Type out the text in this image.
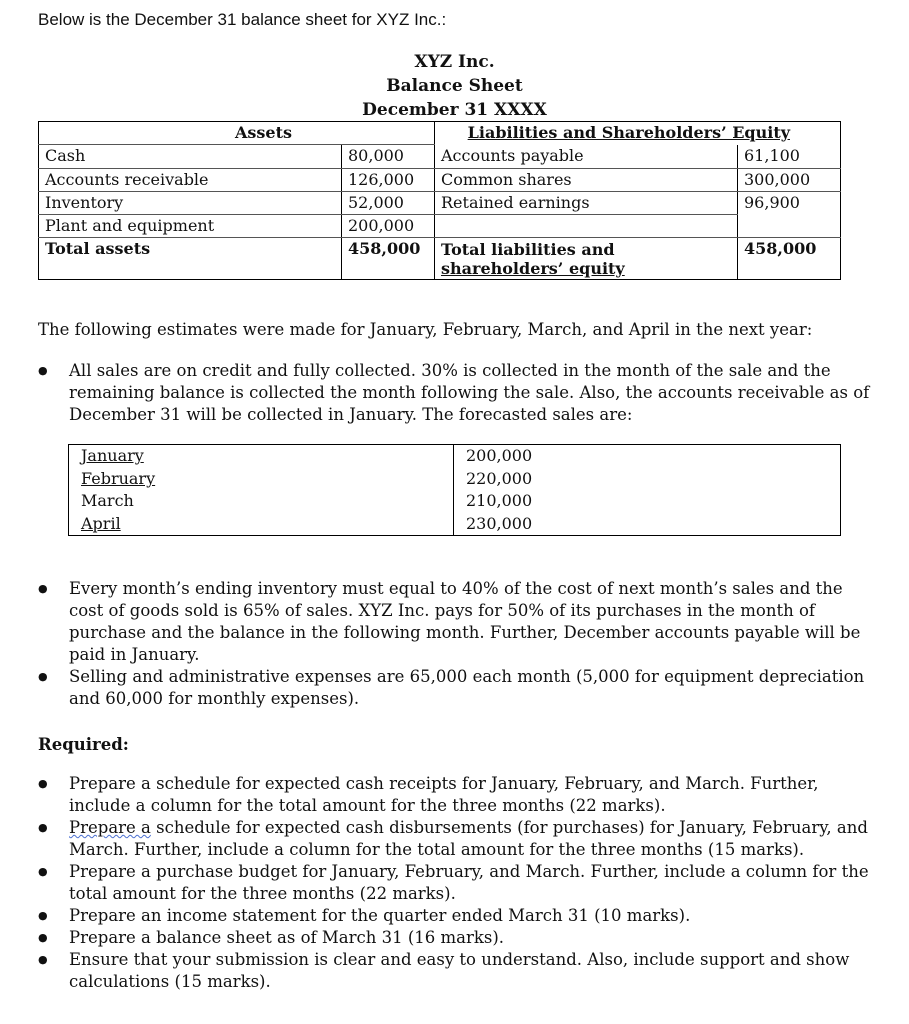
Below is the December 31 balance sheet for XYZ Inc.:
XYZ Inc.
Balance Sheet
December 31 XXXX
Assets		Liabilities and Shareholders’ Equity	
Cash	80,000	Accounts payable	61,100
Accounts receivable	126,000	Common shares	300,000
Inventory	52,000	Retained earnings	96,900
Plant and equipment	200,000		
Total assets	458,000	Total liabilities and
shareholders’ equity	458,000
The following estimates were made for January, February, March, and April in the next year:
● All sales are on credit and fully collected. 30% is collected in the month of the sale and the
remaining balance is collected the month following the sale. Also, the accounts receivable as of
December 31 will be collected in January. The forecasted sales are:
January	200,000
February	220,000
March	210,000
April	230,000
● Every month’s ending inventory must equal to 40% of the cost of next month’s sales and the
cost of goods sold is 65% of sales. XYZ Inc. pays for 50% of its purchases in the month of
purchase and the balance in the following month. Further, December accounts payable will be
paid in January.
● Selling and administrative expenses are 65,000 each month (5,000 for equipment depreciation
and 60,000 for monthly expenses).
Required:
● Prepare a schedule for expected cash receipts for January, February, and March. Further,
include a column for the total amount for the three months (22 marks).
● Prepare a schedule for expected cash disbursements (for purchases) for January, February, and
March. Further, include a column for the total amount for the three months (15 marks).
● Prepare a purchase budget for January, February, and March. Further, include a column for the
total amount for the three months (22 marks).
● Prepare an income statement for the quarter ended March 31 (10 marks).
● Prepare a balance sheet as of March 31 (16 marks).
● Ensure that your submission is clear and easy to understand. Also, include support and show
calculations (15 marks).
